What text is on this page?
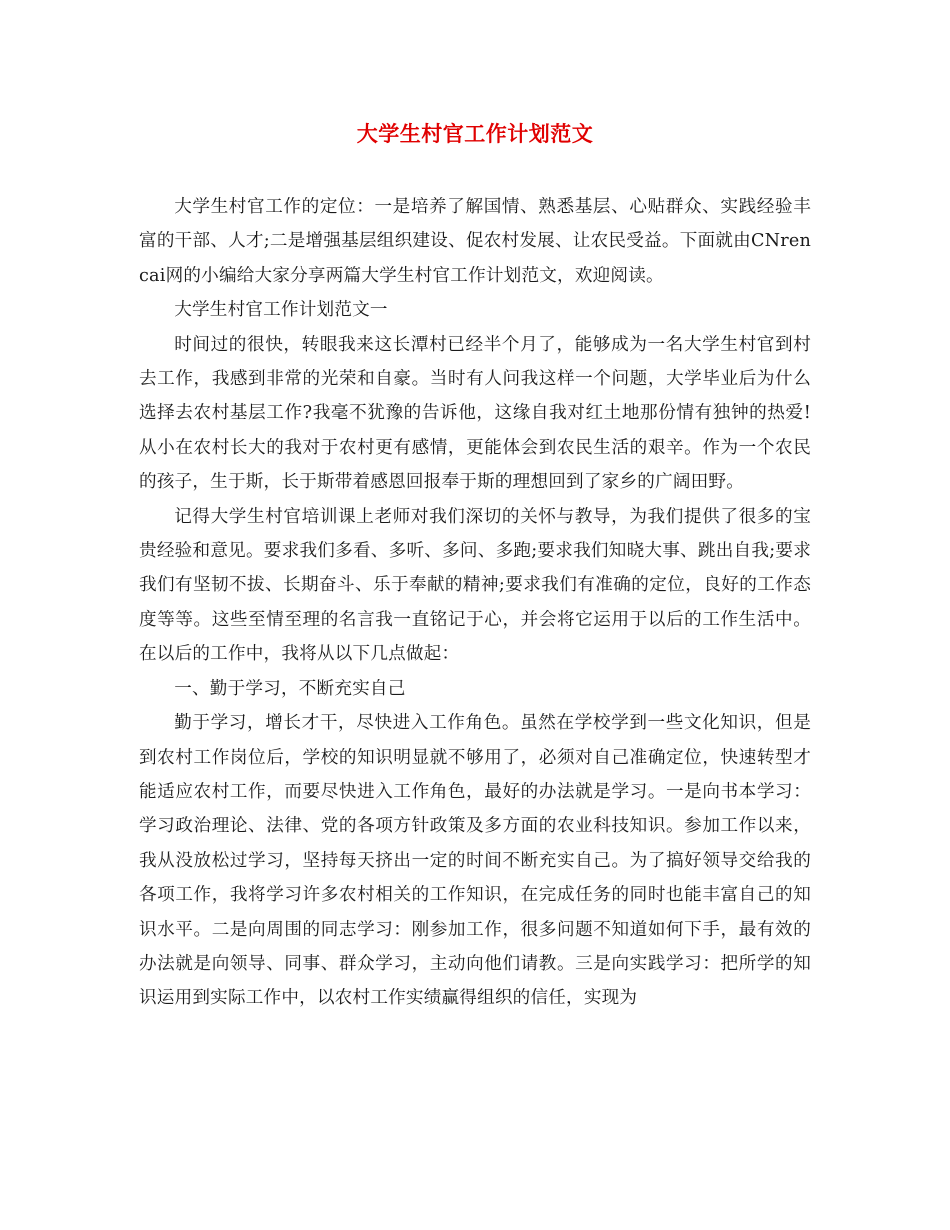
大学生村官工作计划范文

大学生村官工作的定位：一是培养了解国情、熟悉基层、心贴群众、实践经验丰富的干部、人才;二是增强基层组织建设、促农村发展、让农民受益。下面就由CNrencai网的小编给大家分享两篇大学生村官工作计划范文，欢迎阅读。

大学生村官工作计划范文一

时间过的很快，转眼我来这长潭村已经半个月了，能够成为一名大学生村官到村去工作，我感到非常的光荣和自豪。当时有人问我这样一个问题，大学毕业后为什么选择去农村基层工作?我毫不犹豫的告诉他，这缘自我对红土地那份情有独钟的热爱!从小在农村长大的我对于农村更有感情，更能体会到农民生活的艰辛。作为一个农民的孩子，生于斯，长于斯带着感恩回报奉于斯的理想回到了家乡的广阔田野。

记得大学生村官培训课上老师对我们深切的关怀与教导，为我们提供了很多的宝贵经验和意见。要求我们多看、多听、多问、多跑;要求我们知晓大事、跳出自我;要求我们有坚韧不拔、长期奋斗、乐于奉献的精神;要求我们有准确的定位，良好的工作态度等等。这些至情至理的名言我一直铭记于心，并会将它运用于以后的工作生活中。在以后的工作中，我将从以下几点做起：

一、勤于学习，不断充实自己

勤于学习，增长才干，尽快进入工作角色。虽然在学校学到一些文化知识，但是到农村工作岗位后，学校的知识明显就不够用了，必须对自己准确定位，快速转型才能适应农村工作，而要尽快进入工作角色，最好的办法就是学习。一是向书本学习：学习政治理论、法律、党的各项方针政策及多方面的农业科技知识。参加工作以来，我从没放松过学习，坚持每天挤出一定的时间不断充实自己。为了搞好领导交给我的各项工作，我将学习许多农村相关的工作知识，在完成任务的同时也能丰富自己的知识水平。二是向周围的同志学习：刚参加工作，很多问题不知道如何下手，最有效的办法就是向领导、同事、群众学习，主动向他们请教。三是向实践学习：把所学的知识运用到实际工作中，以农村工作实绩赢得组织的信任，实现为
